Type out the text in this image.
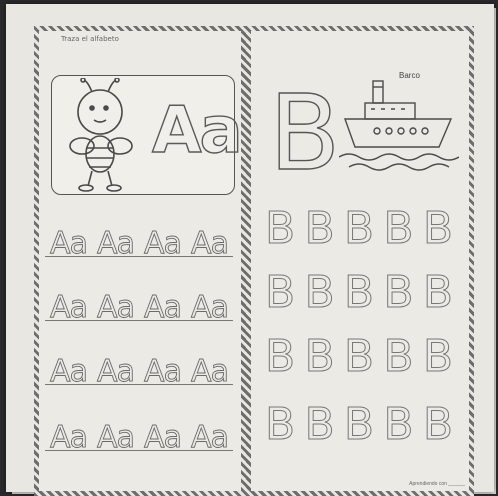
Traza el alfabeto
Aa
Aa Aa Aa Aa
Aa Aa Aa Aa
Aa Aa Aa Aa
Aa Aa Aa Aa
B	Barco
B B B B B
B B B B B
B B B B B
B B B B B
Aprendiendo con ______
